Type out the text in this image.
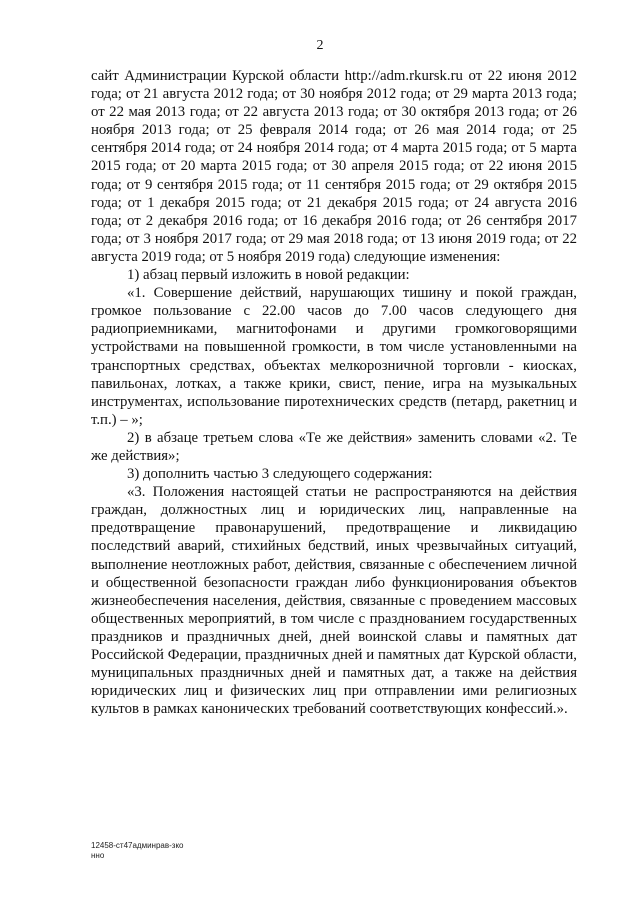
2

сайт Администрации Курской области http://adm.rkursk.ru от 22 июня 2012 года; от 21 августа 2012 года; от 30 ноября 2012 года; от 29 марта 2013 года; от 22 мая 2013 года; от 22 августа 2013 года; от 30 октября 2013 года; от 26 ноября 2013 года; от 25 февраля 2014 года; от 26 мая 2014 года; от 25 сентября 2014 года; от 24 ноября 2014 года; от 4 марта 2015 года; от 5 марта 2015 года; от 20 марта 2015 года; от 30 апреля 2015 года; от 22 июня 2015 года; от 9 сентября 2015 года; от 11 сентября 2015 года; от 29 октября 2015 года; от 1 декабря 2015 года; от 21 декабря 2015 года; от 24 августа 2016 года; от 2 декабря 2016 года; от 16 декабря 2016 года; от 26 сентября 2017 года; от 3 ноября 2017 года; от 29 мая 2018 года; от 13 июня 2019 года; от 22 августа 2019 года; от 5 ноября 2019 года) следующие изменения:

1) абзац первый изложить в новой редакции:

«1. Совершение действий, нарушающих тишину и покой граждан, громкое пользование с 22.00 часов до 7.00 часов следующего дня радиоприемниками, магнитофонами и другими громкоговорящими устройствами на повышенной громкости, в том числе установленными на транспортных средствах, объектах мелкорозничной торговли - киосках, павильонах, лотках, а также крики, свист, пение, игра на музыкальных инструментах, использование пиротехнических средств (петард, ракетниц и т.п.) – »;

2) в абзаце третьем слова «Те же действия» заменить словами «2. Те же действия»;

3) дополнить частью 3 следующего содержания:

«3. Положения настоящей статьи не распространяются на действия граждан, должностных лиц и юридических лиц, направленные на предотвращение правонарушений, предотвращение и ликвидацию последствий аварий, стихийных бедствий, иных чрезвычайных ситуаций, выполнение неотложных работ, действия, связанные с обеспечением личной и общественной безопасности граждан либо функционирования объектов жизнеобеспечения населения, действия, связанные с проведением массовых общественных мероприятий, в том числе с празднованием государственных праздников и праздничных дней, дней воинской славы и памятных дат Российской Федерации, праздничных дней и памятных дат Курской области, муниципальных праздничных дней и памятных дат, а также на действия юридических лиц и физических лиц при отправлении ими религиозных культов в рамках канонических требований соответствующих конфессий.».

12458-ст47админрав-зко
нно
